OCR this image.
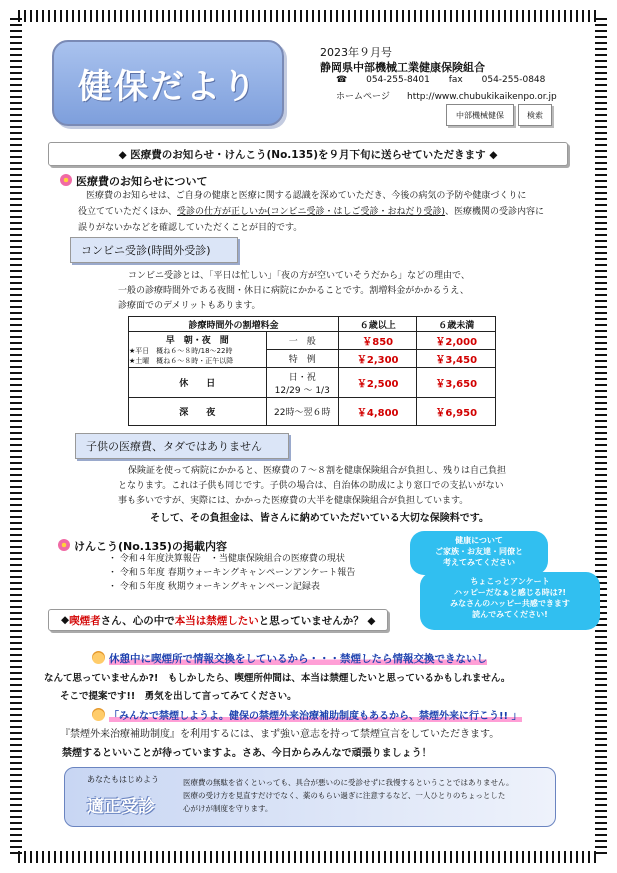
健保だより
2023年９月号
静岡県中部機械工業健康保険組合
☎ 054-255-8401 fax 054-255-0848
ホームページ http://www.chubukikaikenpo.or.jp
中部機械健保	検索
◆ 医療費のお知らせ・けんこう(No.135)を９月下旬に送らせていただきます ◆
医療費のお知らせについて
医療費のお知らせは、ご自身の健康と医療に関する認識を深めていただき、今後の病気の予防や健康づくりに
役立てていただくほか、受診の仕方が正しいか(コンビニ受診・はしご受診・おねだり受診)、医療機関の受診内容に
誤りがないかなどを確認していただくことが目的です。
コンビニ受診(時間外受診)
コンビニ受診とは、「平日は忙しい」「夜の方が空いていそうだから」などの理由で、
一般の診療時間外である夜間・休日に病院にかかることです。割増料金がかかるうえ、
診療面でのデメリットもあります。
診療時間外の割増料金		６歳以上	６歳未満

早　朝・夜　間
★平日　概ね６～８時/18～22時
★土曜　概ね６～８時・正午以降	一　般	￥850	￥2,000
	特　例	￥2,300	￥3,450
休　　日	日・祝
12/29 ～ 1/3	￥2,500	￥3,650
深　　夜	22時～翌６時	￥4,800	￥6,950
子供の医療費、タダではありません
保険証を使って病院にかかると、医療費の７～８割を健康保険組合が負担し、残りは自己負担
となります。これは子供も同じです。子供の場合は、自治体の助成により窓口での支払いがない
事も多いですが、実際には、かかった医療費の大半を健康保険組合が負担しています。
そして、その負担金は、皆さんに納めていただいている大切な保険料です。
けんこう(No.135)の掲載内容
・ 令和４年度決算報告　・当健康保険組合の医療費の現状
・ 令和５年度 春期ウォーキングキャンペーンアンケート報告
・ 令和５年度 秋期ウォーキングキャンペーン記録表
健康について
ご家族・お友達・同僚と
考えてみてください
ちょこっとアンケート
ハッピーだなぁと感じる時は?!
みなさんのハッピー共感できます
読んでみてください!
◆ 喫煙者 さん、心の中で 本当は禁煙したい と思っていませんか？ ◆
休憩中に喫煙所で情報交換をしているから・・・禁煙したら情報交換できないし
なんて思っていませんか?!　もしかしたら、喫煙所仲間は、本当は禁煙したいと思っているかもしれません。
そこで提案です!!　勇気を出して言ってみてください。
「みんなで禁煙しようよ。健保の禁煙外来治療補助制度もあるから、禁煙外来に行こう!! 」
『禁煙外来治療補助制度』を利用するには、まず強い意志を持って禁煙宣言をしていただきます。
禁煙するといいことが待っていますよ。さあ、今日からみんなで頑張りましょう！
あなたもはじめよう
適正受診
医療費の無駄を省くといっても、具合が悪いのに受診せずに我慢するということではありません。
医療の受け方を見直すだけでなく、薬のもらい過ぎに注意するなど、一人ひとりのちょっとした
心がけが制度を守ります。
